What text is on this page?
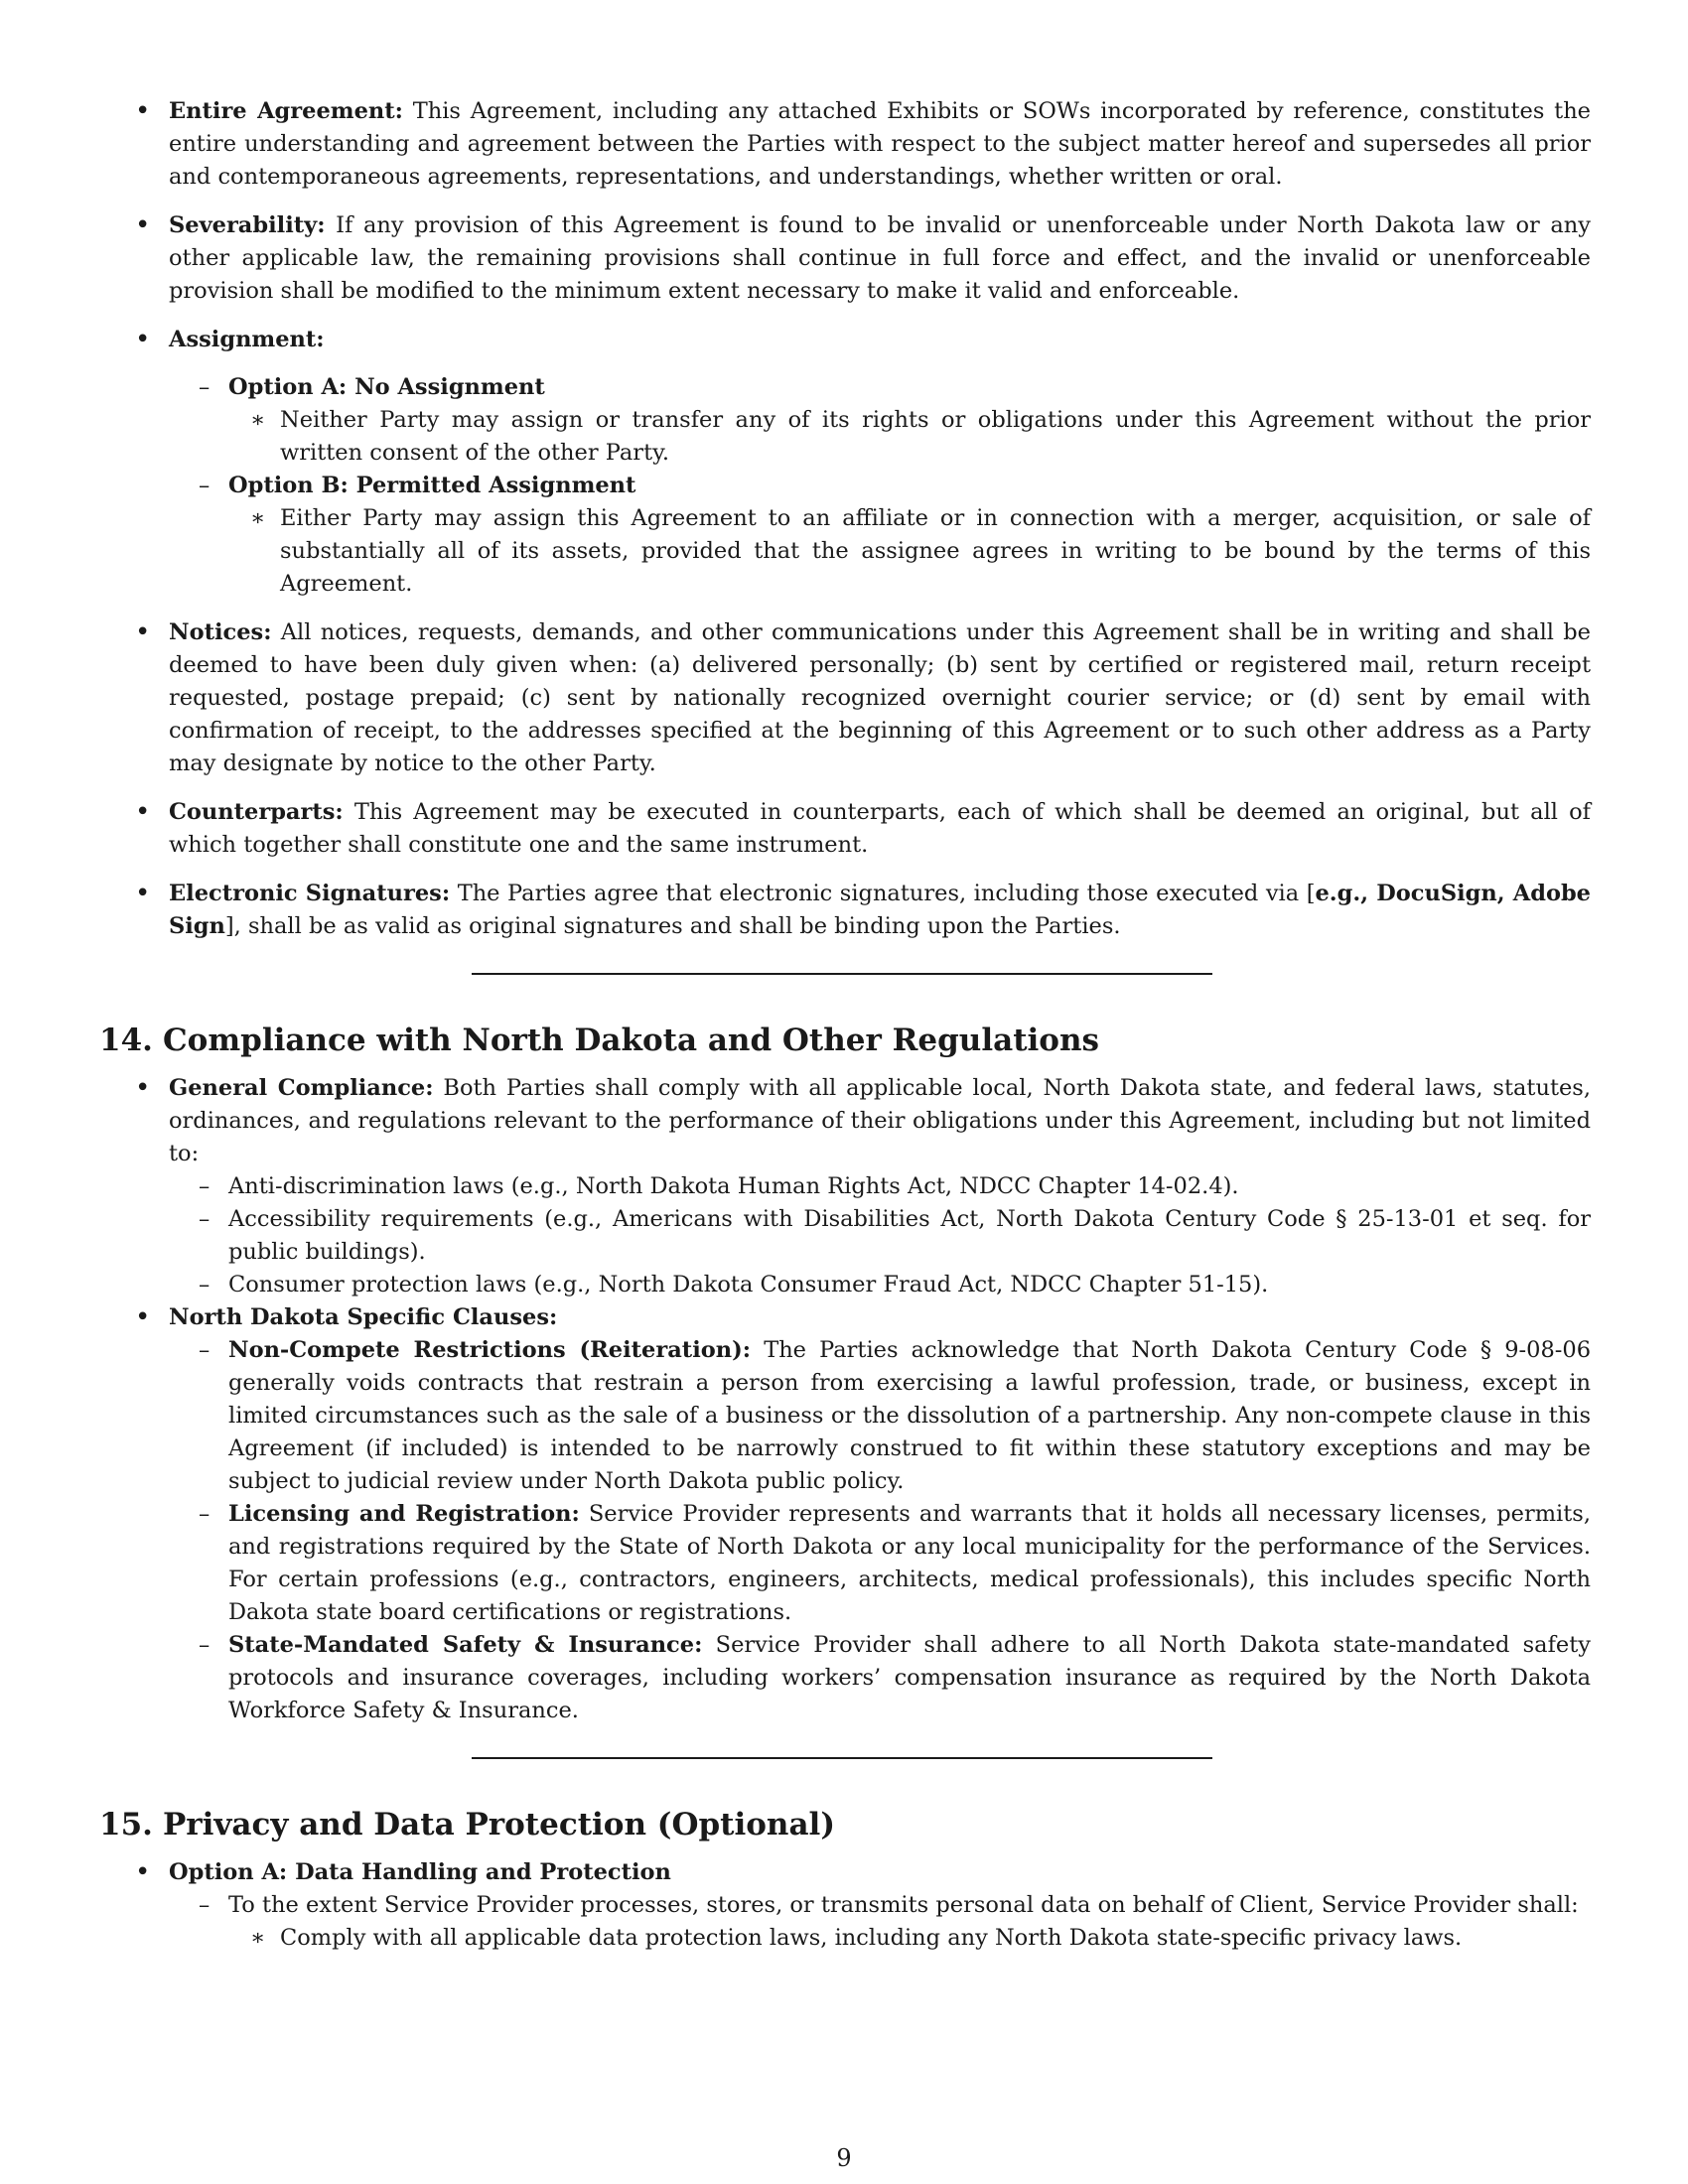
• Entire Agreement: This Agreement, including any attached Exhibits or SOWs incorporated by reference, constitutes the entire understanding and agreement between the Parties with respect to the subject matter hereof and supersedes all prior and contemporaneous agreements, representations, and understandings, whether written or oral.
• Severability: If any provision of this Agreement is found to be invalid or unenforceable under North Dakota law or any other applicable law, the remaining provisions shall continue in full force and effect, and the invalid or unenforceable provision shall be modified to the minimum extent necessary to make it valid and enforceable.
• Assignment:
– Option A: No Assignment
∗ Neither Party may assign or transfer any of its rights or obligations under this Agreement without the prior written consent of the other Party.
– Option B: Permitted Assignment
∗ Either Party may assign this Agreement to an affiliate or in connection with a merger, acquisition, or sale of substantially all of its assets, provided that the assignee agrees in writing to be bound by the terms of this Agreement.
• Notices: All notices, requests, demands, and other communications under this Agreement shall be in writing and shall be deemed to have been duly given when: (a) delivered personally; (b) sent by certified or registered mail, return receipt requested, postage prepaid; (c) sent by nationally recognized overnight courier service; or (d) sent by email with confirmation of receipt, to the addresses specified at the beginning of this Agreement or to such other address as a Party may designate by notice to the other Party.
• Counterparts: This Agreement may be executed in counterparts, each of which shall be deemed an original, but all of which together shall constitute one and the same instrument.
• Electronic Signatures: The Parties agree that electronic signatures, including those executed via [e.g., DocuSign, Adobe Sign], shall be as valid as original signatures and shall be binding upon the Parties.
14. Compliance with North Dakota and Other Regulations
• General Compliance: Both Parties shall comply with all applicable local, North Dakota state, and federal laws, statutes, ordinances, and regulations relevant to the performance of their obligations under this Agreement, including but not limited to:
– Anti-discrimination laws (e.g., North Dakota Human Rights Act, NDCC Chapter 14-02.4).
– Accessibility requirements (e.g., Americans with Disabilities Act, North Dakota Century Code § 25-13-01 et seq. for public buildings).
– Consumer protection laws (e.g., North Dakota Consumer Fraud Act, NDCC Chapter 51-15).
• North Dakota Specific Clauses:
– Non-Compete Restrictions (Reiteration): The Parties acknowledge that North Dakota Century Code § 9-08-06 generally voids contracts that restrain a person from exercising a lawful profession, trade, or business, except in limited circumstances such as the sale of a business or the dissolution of a partnership. Any non-compete clause in this Agreement (if included) is intended to be narrowly construed to fit within these statutory exceptions and may be subject to judicial review under North Dakota public policy.
– Licensing and Registration: Service Provider represents and warrants that it holds all necessary licenses, permits, and registrations required by the State of North Dakota or any local municipality for the performance of the Services. For certain professions (e.g., contractors, engineers, architects, medical professionals), this includes specific North Dakota state board certifications or registrations.
– State-Mandated Safety & Insurance: Service Provider shall adhere to all North Dakota state-mandated safety protocols and insurance coverages, including workers’ compensation insurance as required by the North Dakota Workforce Safety & Insurance.
15. Privacy and Data Protection (Optional)
• Option A: Data Handling and Protection
– To the extent Service Provider processes, stores, or transmits personal data on behalf of Client, Service Provider shall:
∗ Comply with all applicable data protection laws, including any North Dakota state-specific privacy laws.
9
